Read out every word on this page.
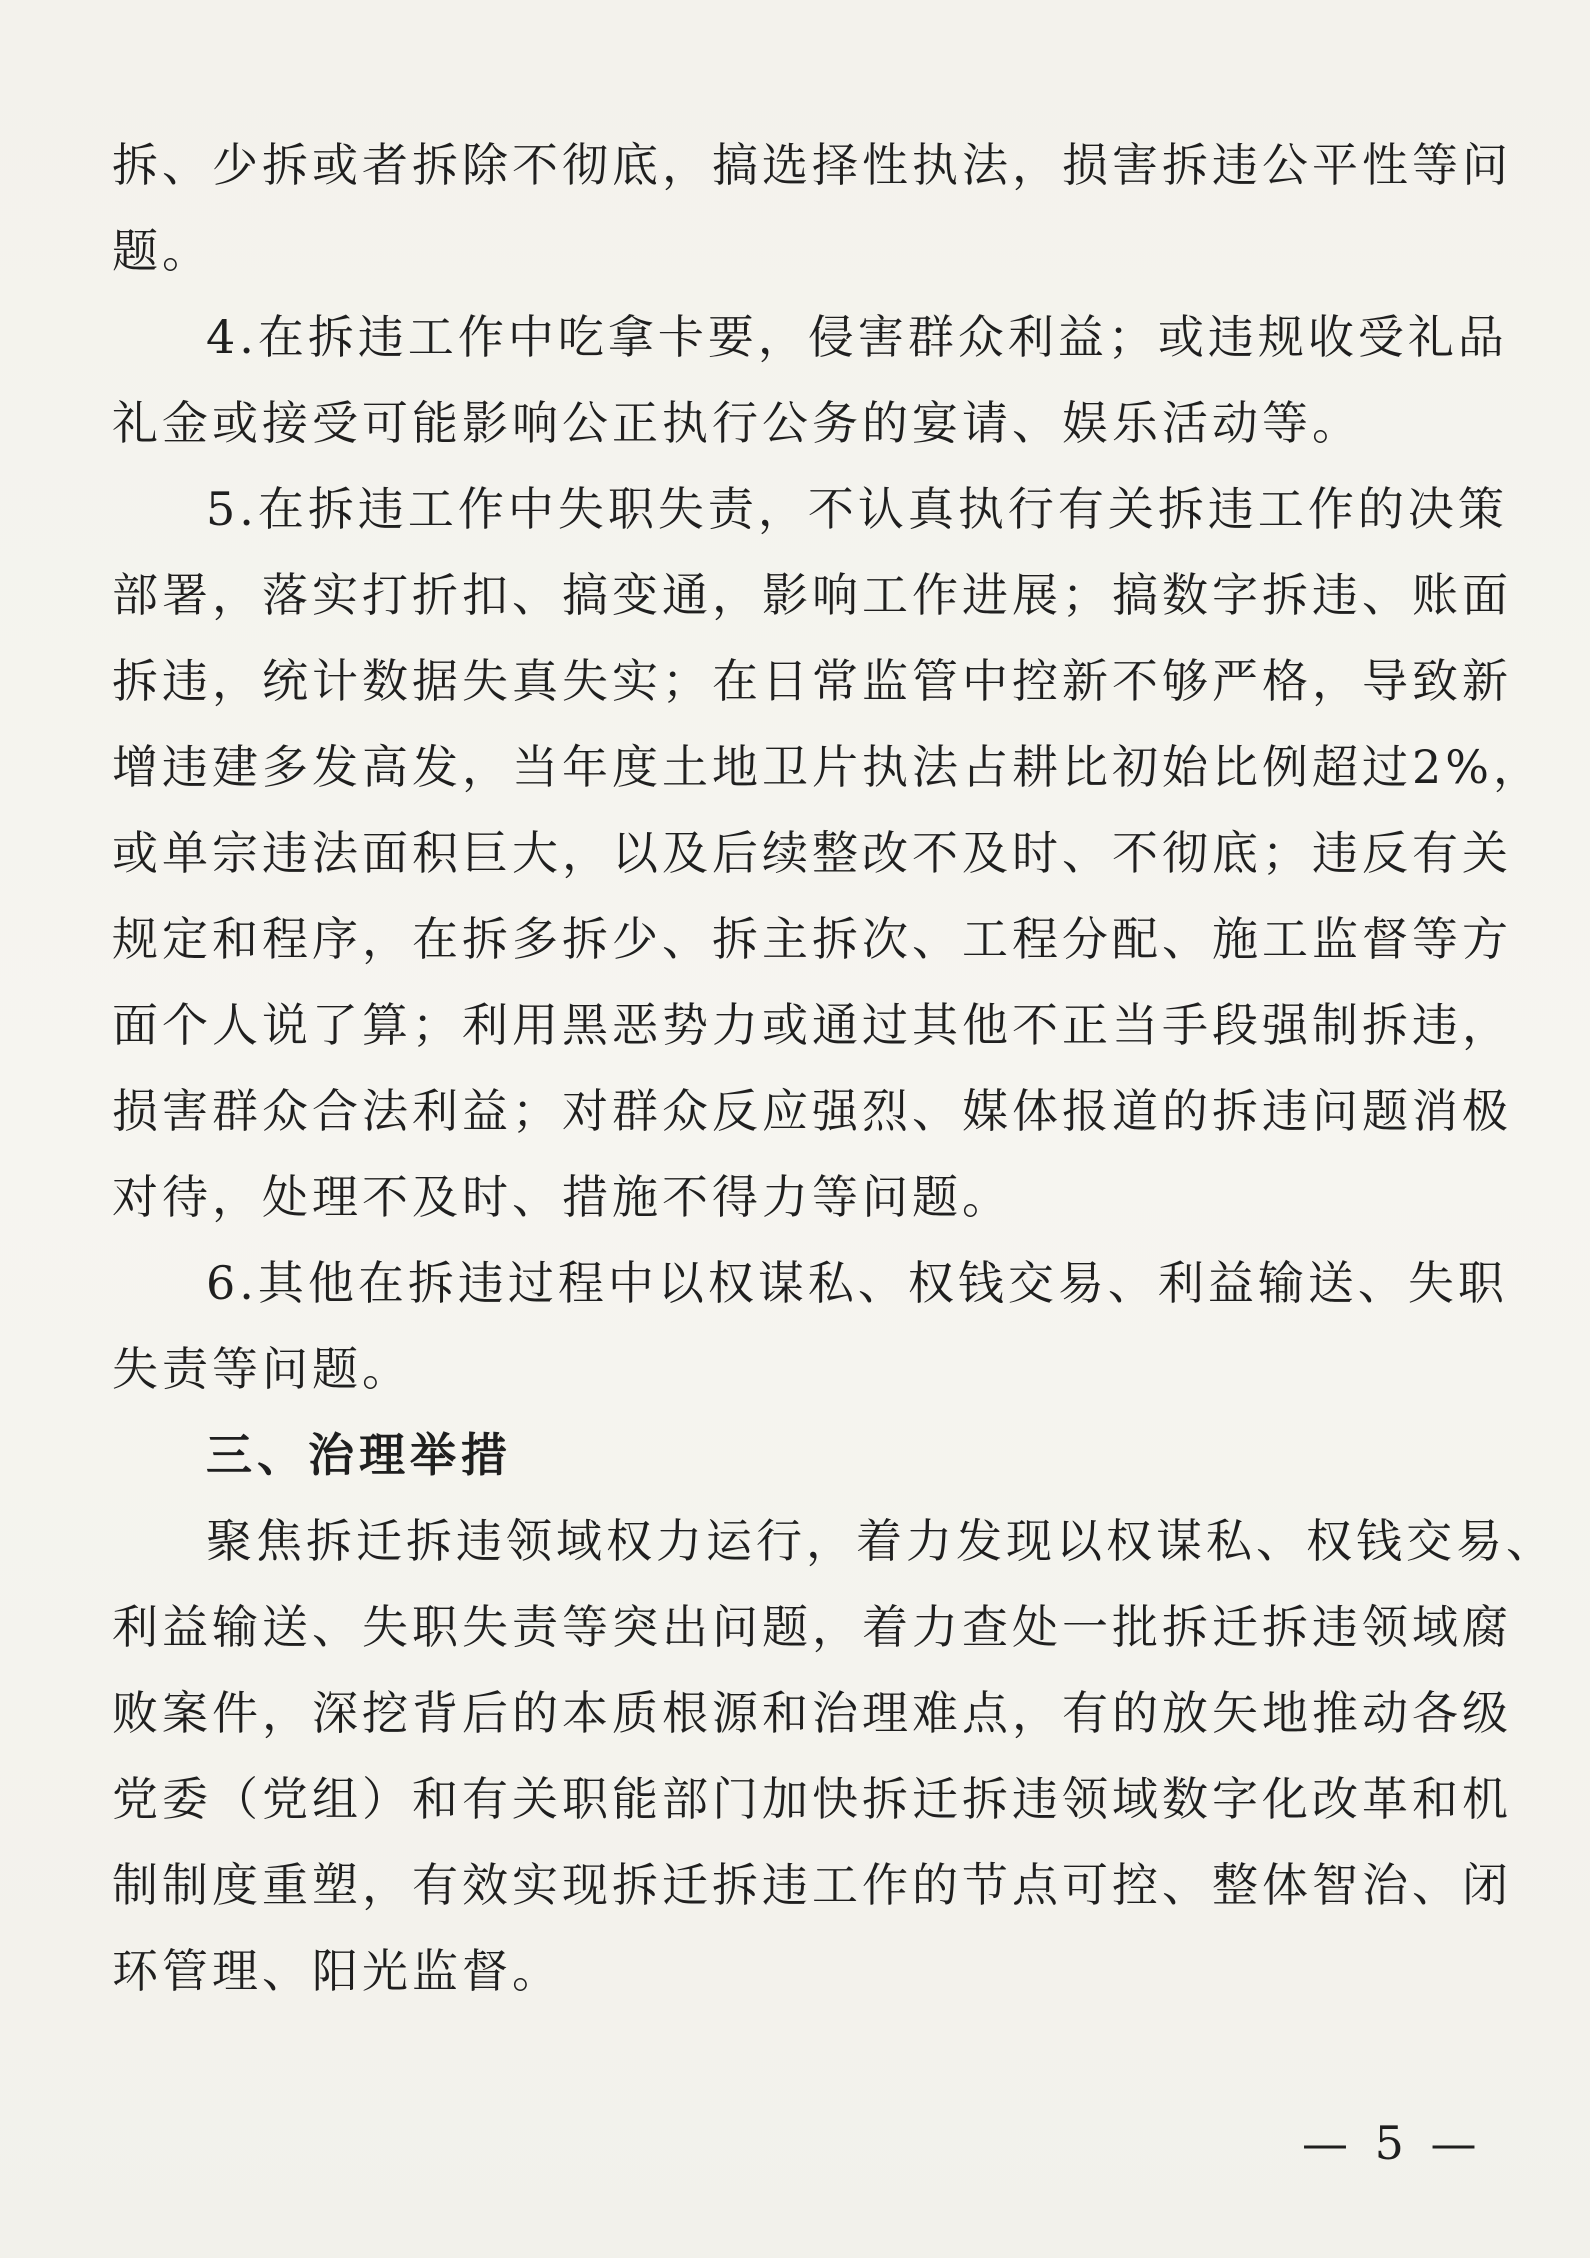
拆、少拆或者拆除不彻底，搞选择性执法，损害拆违公平性等问
题。
4.在拆违工作中吃拿卡要，侵害群众利益；或违规收受礼品
礼金或接受可能影响公正执行公务的宴请、娱乐活动等。
5.在拆违工作中失职失责，不认真执行有关拆违工作的决策
部署，落实打折扣、搞变通，影响工作进展；搞数字拆违、账面
拆违，统计数据失真失实；在日常监管中控新不够严格，导致新
增违建多发高发，当年度土地卫片执法占耕比初始比例超过2%，
或单宗违法面积巨大，以及后续整改不及时、不彻底；违反有关
规定和程序，在拆多拆少、拆主拆次、工程分配、施工监督等方
面个人说了算；利用黑恶势力或通过其他不正当手段强制拆违，
损害群众合法利益；对群众反应强烈、媒体报道的拆违问题消极
对待，处理不及时、措施不得力等问题。
6.其他在拆违过程中以权谋私、权钱交易、利益输送、失职
失责等问题。
三、治理举措
聚焦拆迁拆违领域权力运行，着力发现以权谋私、权钱交易、
利益输送、失职失责等突出问题，着力查处一批拆迁拆违领域腐
败案件，深挖背后的本质根源和治理难点，有的放矢地推动各级
党委（党组）和有关职能部门加快拆迁拆违领域数字化改革和机
制制度重塑，有效实现拆迁拆违工作的节点可控、整体智治、闭
环管理、阳光监督。
— 5 —
